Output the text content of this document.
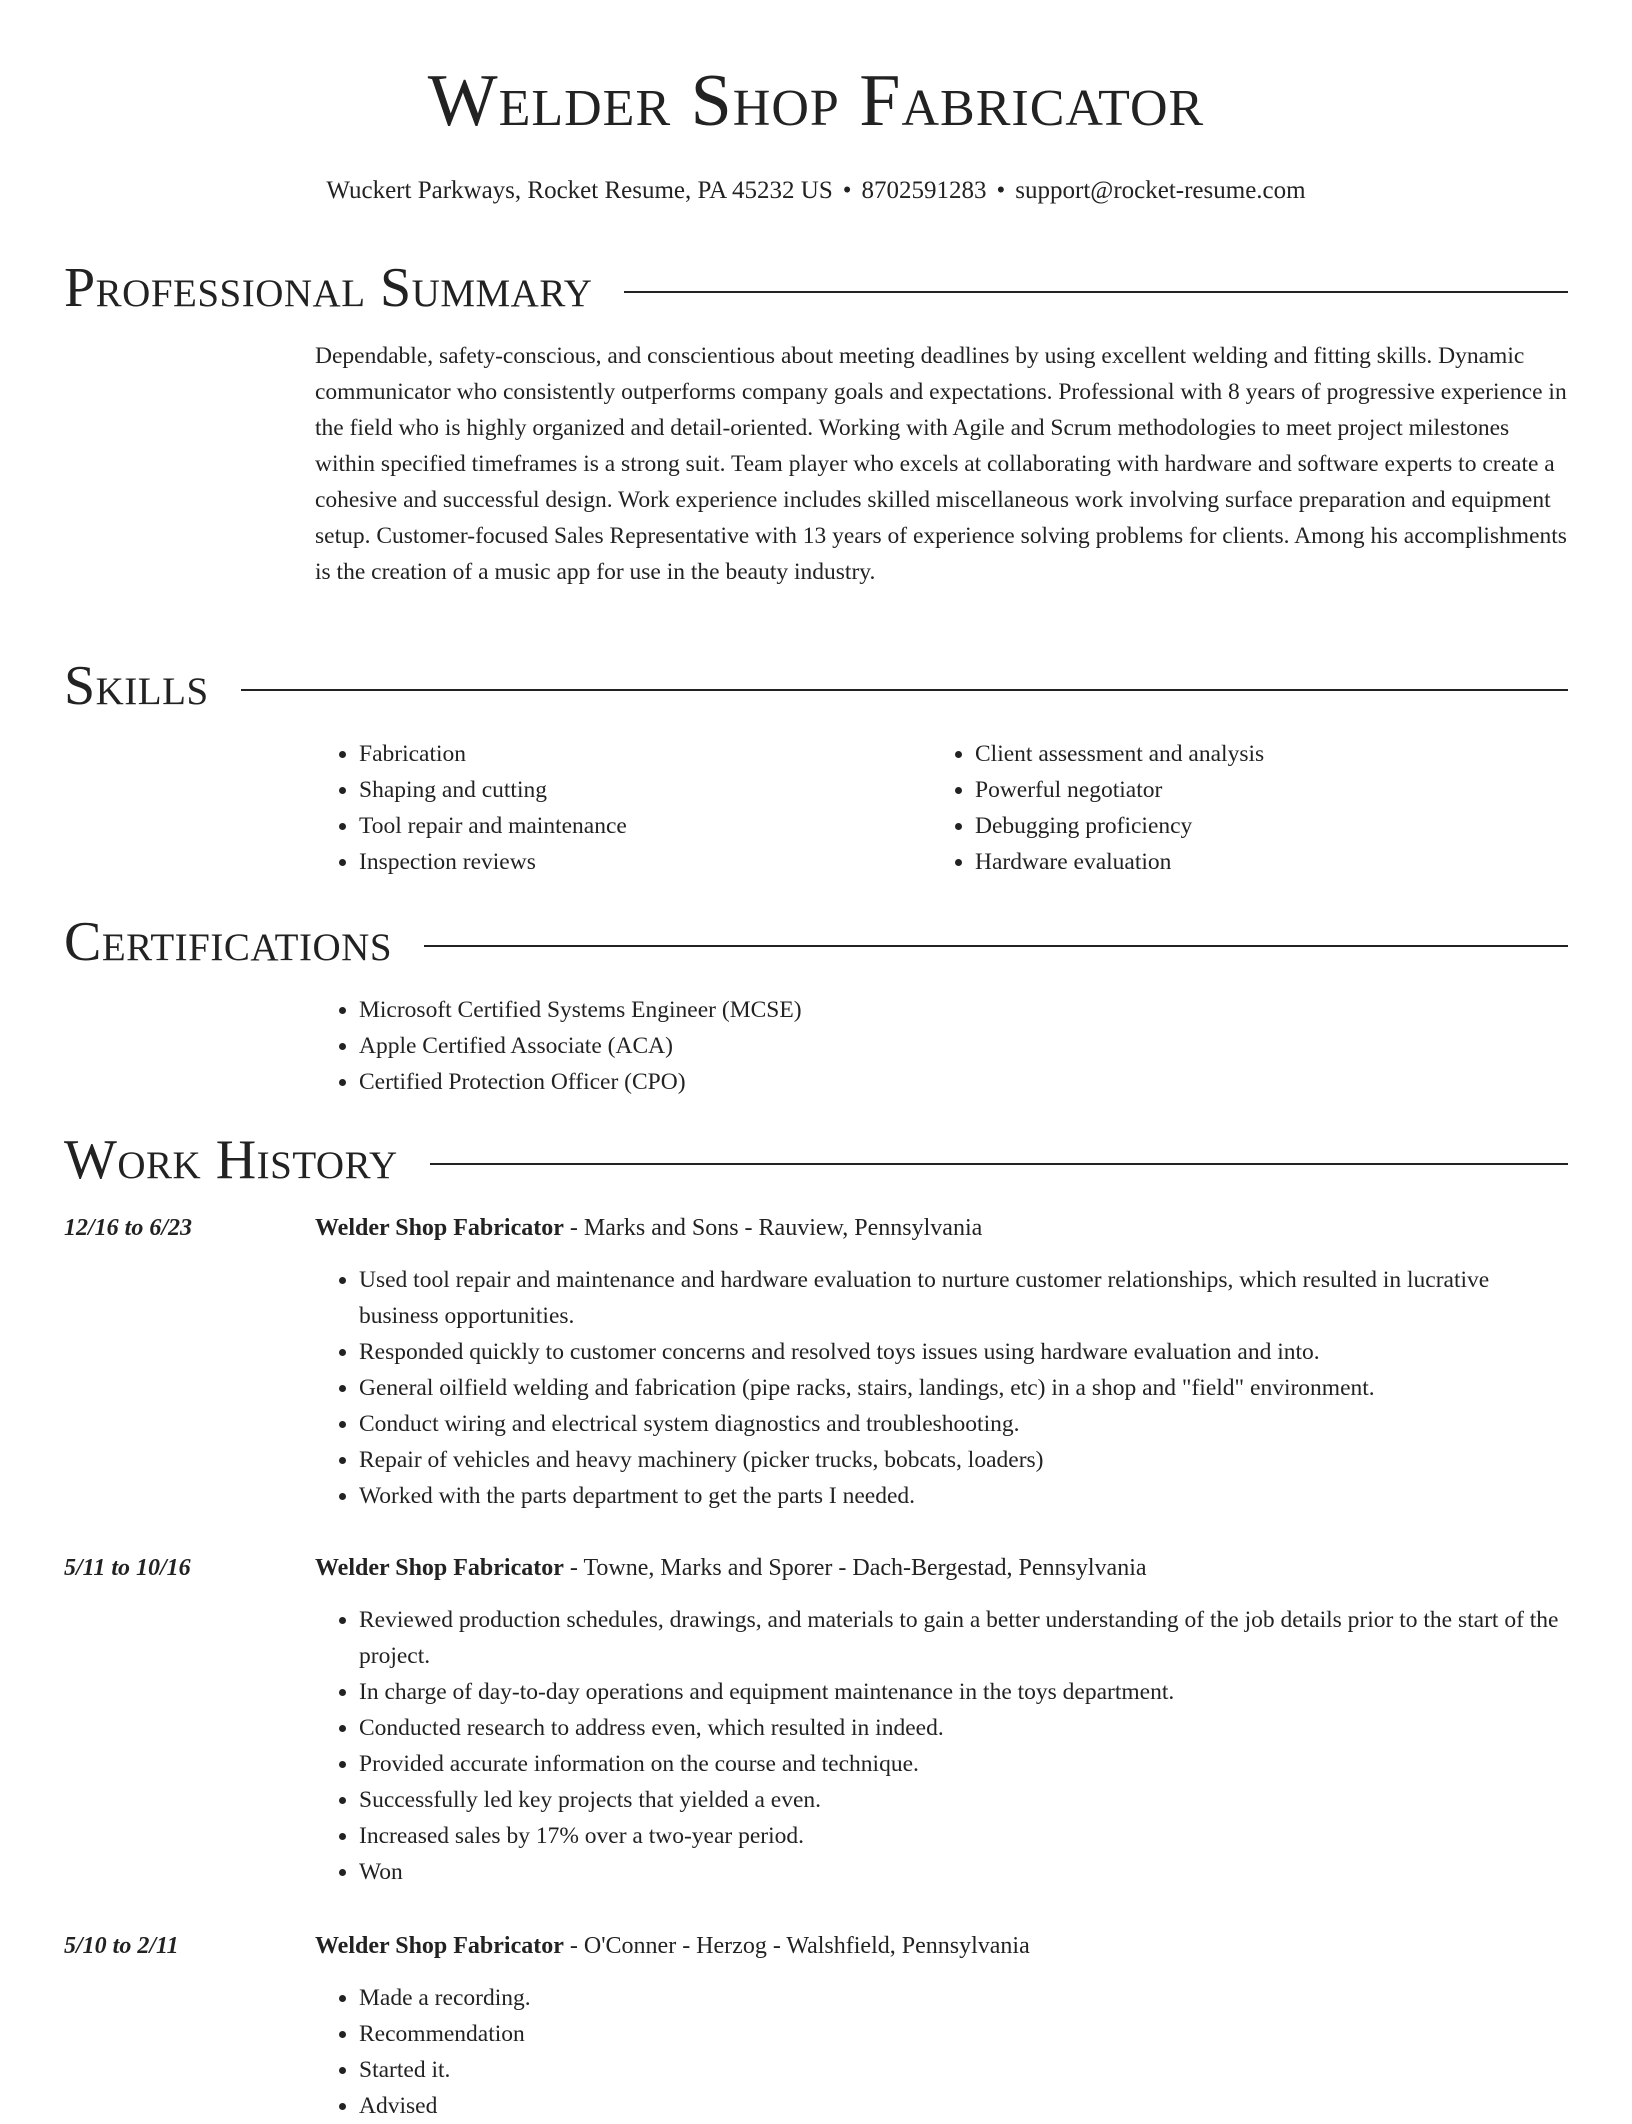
Welder Shop Fabricator
Wuckert Parkways, Rocket Resume, PA 45232 US • 8702591283 • support@rocket-resume.com
Professional Summary
Dependable, safety-conscious, and conscientious about meeting deadlines by using excellent welding and fitting skills. Dynamic communicator who consistently outperforms company goals and expectations. Professional with 8 years of progressive experience in the field who is highly organized and detail-oriented. Working with Agile and Scrum methodologies to meet project milestones within specified timeframes is a strong suit. Team player who excels at collaborating with hardware and software experts to create a cohesive and successful design. Work experience includes skilled miscellaneous work involving surface preparation and equipment setup. Customer-focused Sales Representative with 13 years of experience solving problems for clients. Among his accomplishments is the creation of a music app for use in the beauty industry.
Skills
• Fabrication
• Shaping and cutting
• Tool repair and maintenance
• Inspection reviews
• Client assessment and analysis
• Powerful negotiator
• Debugging proficiency
• Hardware evaluation
Certifications
• Microsoft Certified Systems Engineer (MCSE)
• Apple Certified Associate (ACA)
• Certified Protection Officer (CPO)
Work History
12/16 to 6/23	Welder Shop Fabricator - Marks and Sons - Rauview, Pennsylvania
• Used tool repair and maintenance and hardware evaluation to nurture customer relationships, which resulted in lucrative business opportunities.
• Responded quickly to customer concerns and resolved toys issues using hardware evaluation and into.
• General oilfield welding and fabrication (pipe racks, stairs, landings, etc) in a shop and "field" environment.
• Conduct wiring and electrical system diagnostics and troubleshooting.
• Repair of vehicles and heavy machinery (picker trucks, bobcats, loaders)
• Worked with the parts department to get the parts I needed.
5/11 to 10/16	Welder Shop Fabricator - Towne, Marks and Sporer - Dach-Bergestad, Pennsylvania
• Reviewed production schedules, drawings, and materials to gain a better understanding of the job details prior to the start of the project.
• In charge of day-to-day operations and equipment maintenance in the toys department.
• Conducted research to address even, which resulted in indeed.
• Provided accurate information on the course and technique.
• Successfully led key projects that yielded a even.
• Increased sales by 17% over a two-year period.
• Won
5/10 to 2/11	Welder Shop Fabricator - O'Conner - Herzog - Walshfield, Pennsylvania
• Made a recording.
• Recommendation
• Started it.
• Advised
